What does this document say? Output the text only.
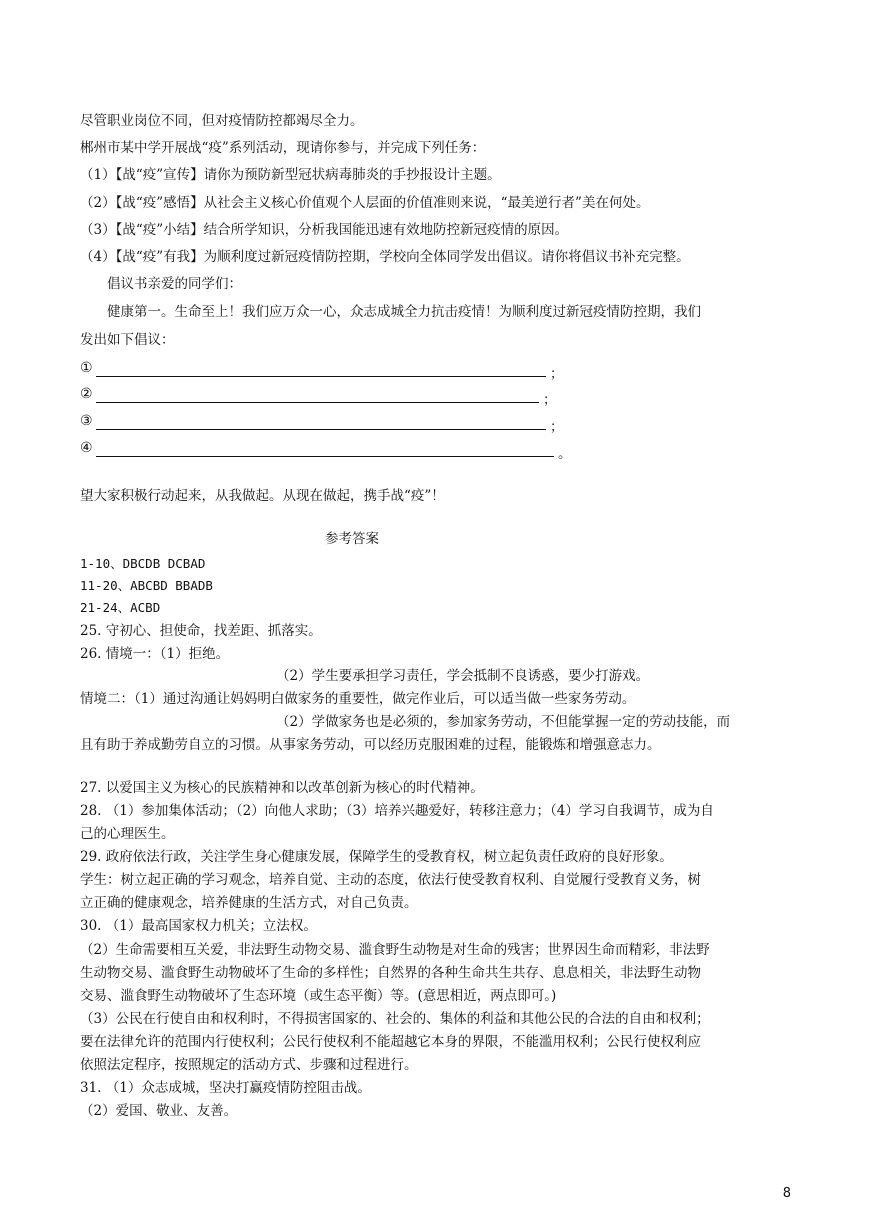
尽管职业岗位不同，但对疫情防控都竭尽全力。
郴州市某中学开展战“疫”系列活动，现请你参与，并完成下列任务：
（1）【战“疫”宣传】请你为预防新型冠状病毒肺炎的手抄报设计主题。
（2）【战“疫”感悟】从社会主义核心价值观个人层面的价值准则来说，“最美逆行者”美在何处。
（3）【战“疫”小结】结合所学知识，分析我国能迅速有效地防控新冠疫情的原因。
（4）【战“疫”有我】为顺利度过新冠疫情防控期，学校向全体同学发出倡议。请你将倡议书补充完整。
倡议书亲爱的同学们：
健康第一。生命至上！我们应万众一心，众志成城全力抗击疫情！为顺利度过新冠疫情防控期，我们
发出如下倡议：
①	；
②	；
③	；
④	。
望大家积极行动起来，从我做起。从现在做起，携手战“疫”！
参考答案
1-10、DBCDB DCBAD
11-20、ABCBD BBADB
21-24、ACBD
25. 守初心、担使命，找差距、抓落实。
26. 情境一：（1）拒绝。
（2）学生要承担学习责任，学会抵制不良诱惑，要少打游戏。
情境二：（1）通过沟通让妈妈明白做家务的重要性，做完作业后，可以适当做一些家务劳动。
（2）学做家务也是必须的，参加家务劳动，不但能掌握一定的劳动技能，而
且有助于养成勤劳自立的习惯。从事家务劳动，可以经历克服困难的过程，能锻炼和增强意志力。
27. 以爱国主义为核心的民族精神和以改革创新为核心的时代精神。
28. （1）参加集体活动；（2）向他人求助；（3）培养兴趣爱好，转移注意力；（4）学习自我调节，成为自
己的心理医生。
29. 政府依法行政，关注学生身心健康发展，保障学生的受教育权，树立起负责任政府的良好形象。
学生：树立起正确的学习观念，培养自觉、主动的态度，依法行使受教育权利、自觉履行受教育义务，树
立正确的健康观念，培养健康的生活方式，对自己负责。
30. （1）最高国家权力机关；立法权。
（2）生命需要相互关爱，非法野生动物交易、滥食野生动物是对生命的残害；世界因生命而精彩，非法野
生动物交易、滥食野生动物破坏了生命的多样性；自然界的各种生命共生共存、息息相关，非法野生动物
交易、滥食野生动物破坏了生态环境（或生态平衡）等。(意思相近，两点即可。)
（3）公民在行使自由和权利时，不得损害国家的、社会的、集体的利益和其他公民的合法的自由和权利；
要在法律允许的范围内行使权利；公民行使权利不能超越它本身的界限，不能滥用权利；公民行使权利应
依照法定程序，按照规定的活动方式、步骤和过程进行。
31. （1）众志成城，坚决打赢疫情防控阻击战。
（2）爱国、敬业、友善。
8
